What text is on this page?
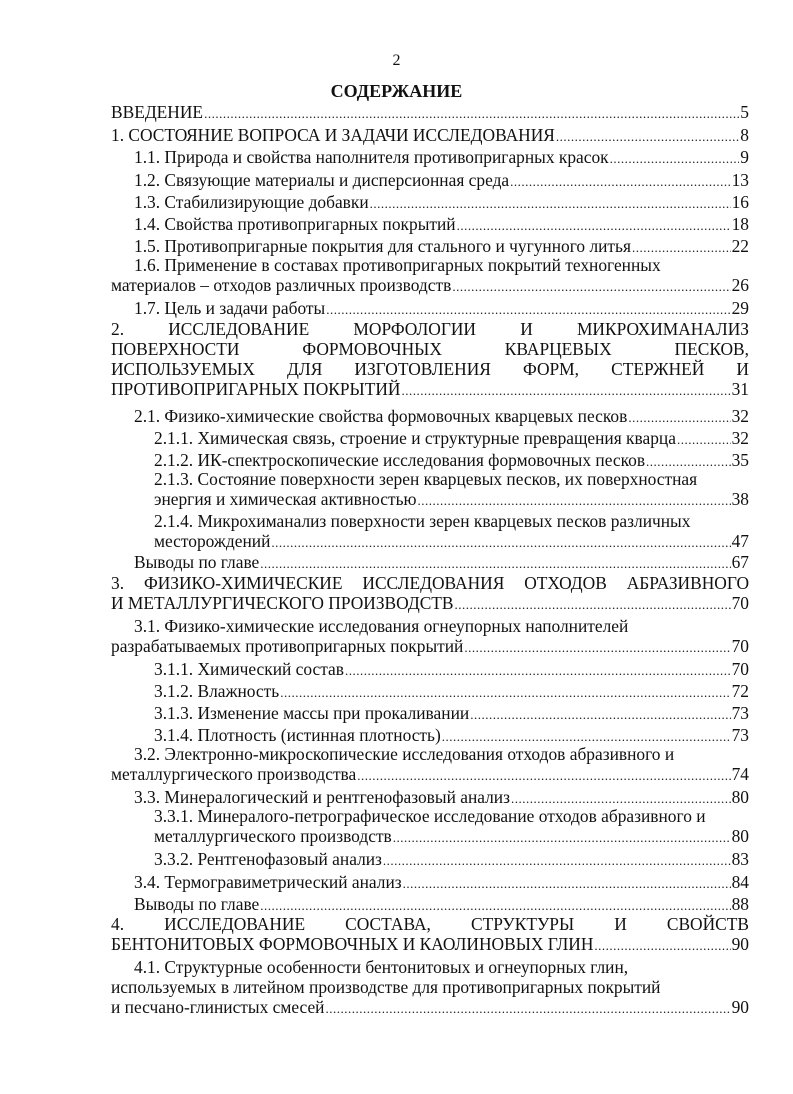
2
СОДЕРЖАНИЕ
ВВЕДЕНИЕ .....	5
1. СОСТОЯНИЕ ВОПРОСА И ЗАДАЧИ ИССЛЕДОВАНИЯ .....	8
1.1. Природа и свойства наполнителя противопригарных красок .....	9
1.2. Связующие материалы и дисперсионная среда .....	13
1.3. Стабилизирующие добавки .....	16
1.4. Свойства противопригарных покрытий .....	18
1.5. Противопригарные покрытия для стального и чугунного литья .....	22
1.6. Применение в составах противопригарных покрытий техногенных
материалов – отходов различных производств .....	26
1.7. Цель и задачи работы .....	29
2. ИССЛЕДОВАНИЕ МОРФОЛОГИИ И МИКРОХИМАНАЛИЗ
ПОВЕРХНОСТИ ФОРМОВОЧНЫХ КВАРЦЕВЫХ ПЕСКОВ,
ИСПОЛЬЗУЕМЫХ ДЛЯ ИЗГОТОВЛЕНИЯ ФОРМ, СТЕРЖНЕЙ И
ПРОТИВОПРИГАРНЫХ ПОКРЫТИЙ .....	31
2.1. Физико-химические свойства формовочных кварцевых песков .....	32
2.1.1. Химическая связь, строение и структурные превращения кварца .....	32
2.1.2. ИК-спектроскопические исследования формовочных песков .....	35
2.1.3. Состояние поверхности зерен кварцевых песков, их поверхностная
энергия и химическая активностью .....	38
2.1.4. Микрохиманализ поверхности зерен кварцевых песков различных
месторождений .....	47
Выводы по главе .....	67
3. ФИЗИКО-ХИМИЧЕСКИЕ ИССЛЕДОВАНИЯ ОТХОДОВ АБРАЗИВНОГО
И МЕТАЛЛУРГИЧЕСКОГО ПРОИЗВОДСТВ .....	70
3.1. Физико-химические исследования огнеупорных наполнителей
разрабатываемых противопригарных покрытий .....	70
3.1.1. Химический состав .....	70
3.1.2. Влажность .....	72
3.1.3. Изменение массы при прокаливании .....	73
3.1.4. Плотность (истинная плотность) .....	73
3.2. Электронно-микроскопические исследования отходов абразивного и
металлургического производства .....	74
3.3. Минералогический и рентгенофазовый анализ .....	80
3.3.1. Минералого-петрографическое исследование отходов абразивного и
металлургического производств .....	80
3.3.2. Рентгенофазовый анализ .....	83
3.4. Термогравиметрический анализ .....	84
Выводы по главе .....	88
4. ИССЛЕДОВАНИЕ СОСТАВА, СТРУКТУРЫ И СВОЙСТВ
БЕНТОНИТОВЫХ ФОРМОВОЧНЫХ И КАОЛИНОВЫХ ГЛИН .....	90
4.1. Структурные особенности бентонитовых и огнеупорных глин,
используемых в литейном производстве для противопригарных покрытий
и песчано-глинистых смесей .....	90
